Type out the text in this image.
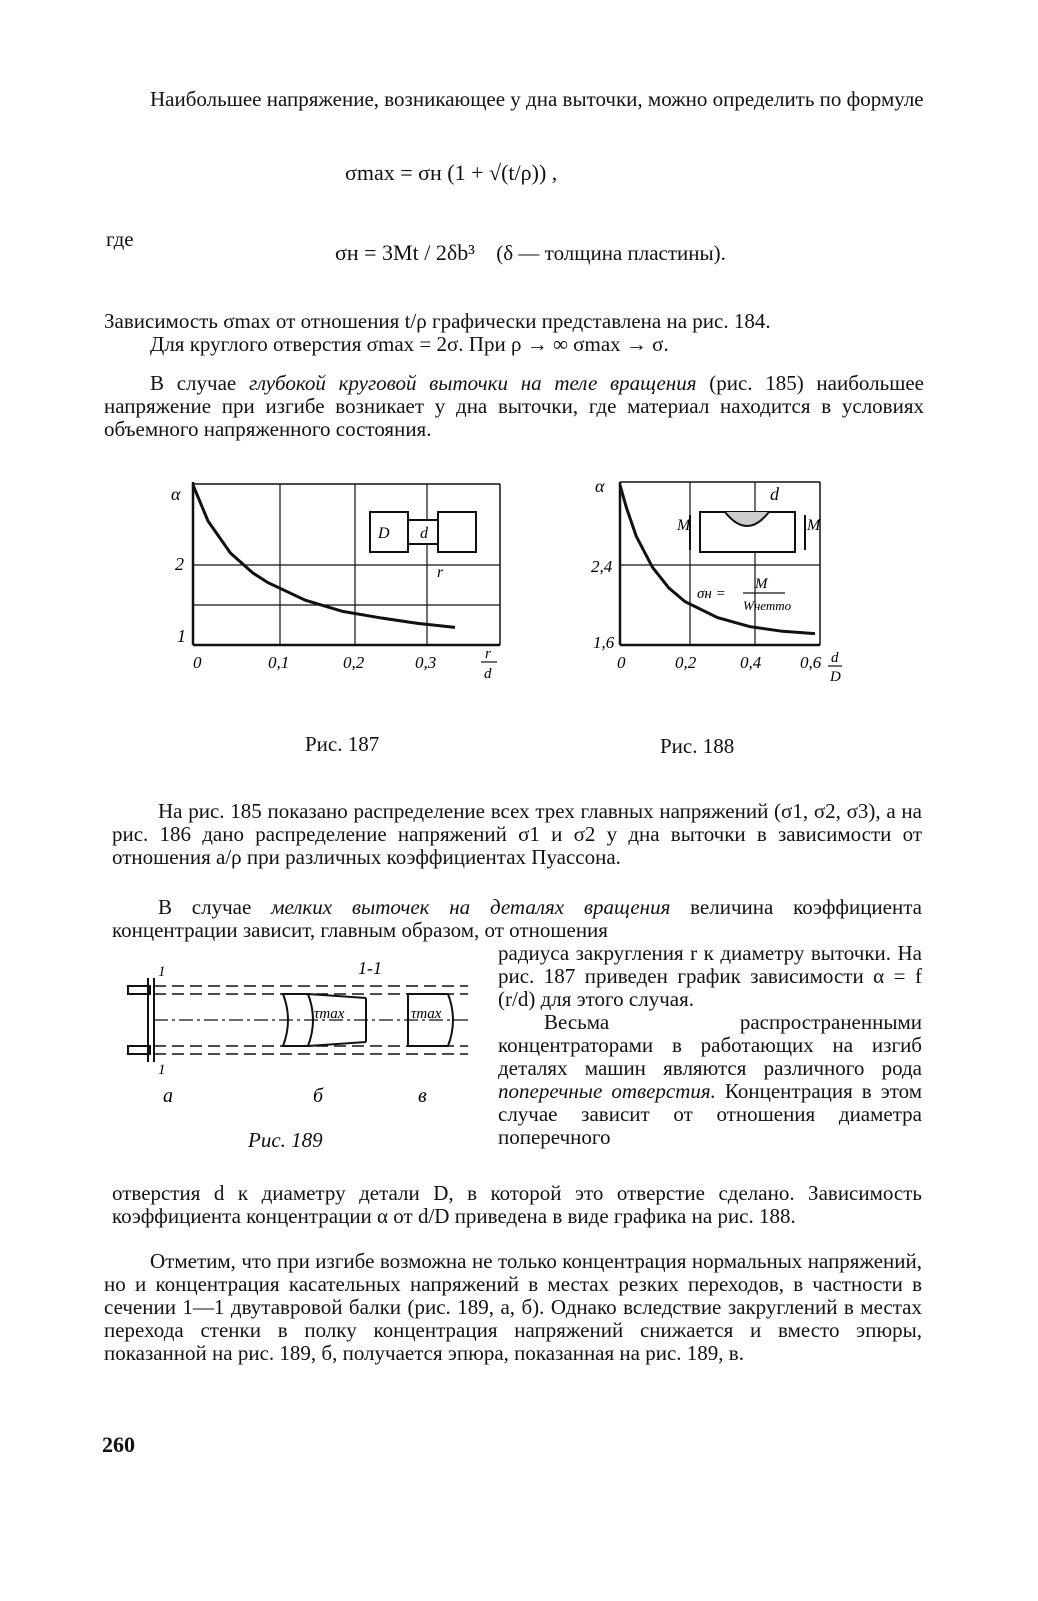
Наибольшее напряжение, возникающее у дна выточки, можно определить по формуле
σmax = σн (1 + √(t/ρ)) ,
где
σн = 3Mt / 2δb³ (δ — толщина пластины).

Зависимость σmax от отношения t/ρ графически представлена на рис. 184.

Для круглого отверстия σmax = 2σ. При ρ → ∞ σmax → σ.

В случае глубокой круговой выточки на теле вращения (рис. 185) наибольшее напряжение при изгибе возникает у дна выточки, где материал находится в условиях объемного напряженного состояния.
D d
r
α
2
1
0	0,1	0,2	0,3	r
d
Рис. 187
d
M	M
σн =
M
Wнетто
α
2,4
1,6
0	0,2	0,4 0,6 d
D
Рис. 188
На рис. 185 показано распределение всех трех главных напряжений (σ1, σ2, σ3), а на рис. 186 дано распределение напряжений σ1 и σ2 у дна выточки в зависимости от отношения a/ρ при различных коэффициентах Пуассона.
В случае мелких выточек на деталях вращения величина коэффициента концентрации зависит, главным образом, от отношения
τmax	τmax
1-1
1
1
а	б	в
Рис. 189

радиуса закругления r к диаметру выточки. На рис. 187 приведен график зависимости α = f (r/d) для этого случая.

Весьма распространенными концентраторами в работающих на изгиб деталях машин являются различного рода поперечные отверстия. Концентрация в этом случае зависит от отношения диаметра поперечного

отверстия d к диаметру детали D, в которой это отверстие сделано. Зависимость коэффициента концентрации α от d/D приведена в виде графика на рис. 188.
Отметим, что при изгибе возможна не только концентрация нормальных напряжений, но и концентрация касательных напряжений в местах резких переходов, в частности в сечении 1—1 двутавровой балки (рис. 189, а, б). Однако вследствие закруглений в местах перехода стенки в полку концентрация напряжений снижается и вместо эпюры, показанной на рис. 189, б, получается эпюра, показанная на рис. 189, в.
260
